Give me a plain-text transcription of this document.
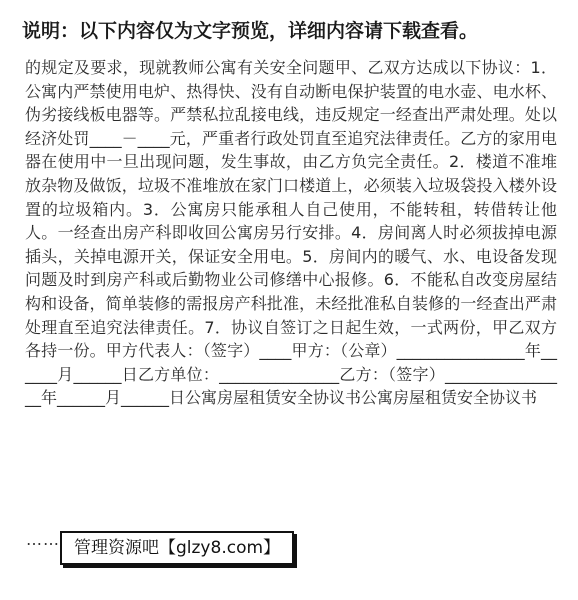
说明：以下内容仅为文字预览，详细内容请下载查看。

的规定及要求，现就教师公寓有关安全问题甲、乙双方达成以下协议：1．公寓内严禁使用电炉、热得快、没有自动断电保护装置的电水壶、电水杯、伪劣接线板电器等。严禁私拉乱接电线，违反规定一经查出严肃处理。处以经济处罚____－____元，严重者行政处罚直至追究法律责任。乙方的家用电器在使用中一旦出现问题，发生事故，由乙方负完全责任。2．楼道不准堆放杂物及做饭，垃圾不准堆放在家门口楼道上，必须装入垃圾袋投入楼外设置的垃圾箱内。3．公寓房只能承租人自己使用，不能转租，转借转让他人。一经查出房产科即收回公寓房另行安排。4．房间离人时必须拔掉电源插头，关掉电源开关，保证安全用电。5．房间内的暖气、水、电设备发现问题及时到房产科或后勤物业公司修缮中心报修。6．不能私自改变房屋结构和设备，简单装修的需报房产科批准，未经批准私自装修的一经查出严肃处理直至追究法律责任。7．协议自签订之日起生效，一式两份，甲乙双方各持一份。甲方代表人：（签字）____甲方：（公章）________________年______月______日乙方单位：_______________乙方：（签字）________________年______月______日公寓房屋租赁安全协议书公寓房屋租赁安全协议书

…… 管理资源吧【glzy8.com】
